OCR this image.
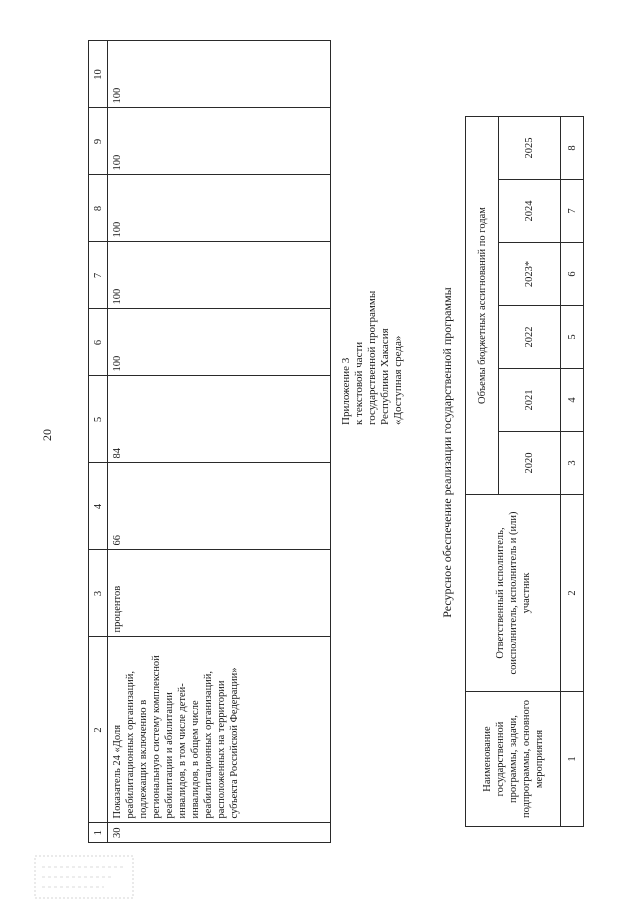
20
1	2	3	4	5	6	7	8	9	10
30	Показатель 24 «Доля реабилитационных организаций, подлежащих включению в региональную систему комплексной реабилитации и абилитации инвалидов, в том числе детей-инвалидов, в общем числе реабилитационных организаций, расположенных на территории субъекта Российской Федерации»	процентов	66	84	100	100	100	100	100
Приложение 3 к текстовой части государственной программы Республики Хакасия «Доступная среда»	Ресурсное обеспечение реализации государственной программы
Наименование государственной программы, задачи, подпрограммы, основного мероприятия	Ответственный исполнитель, соисполнитель, исполнитель и (или) участник	Объемы бюджетных ассигнований по годам					
		2020	2021	2022	2023*	2024	2025
1	2	3	4	5	6	7	8
